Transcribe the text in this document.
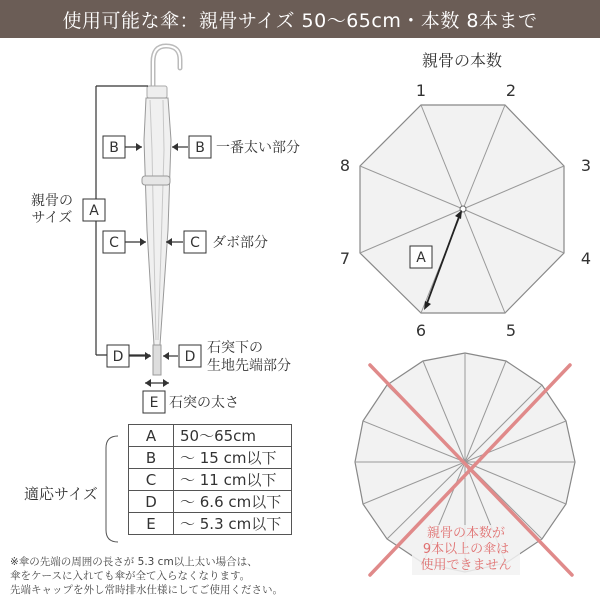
使用可能な傘：親骨サイズ 50〜65cm・本数 8本まで
A
親骨の
サイズ
B	B 一番太い部分
C	C ダボ部分
D	D
石突下の
生地先端部分
E 石突の太さ
親骨の本数
A
1	2
3
4
5
6
7
8
親骨の本数が
9本以上の傘は
使用できません
適応サイズ
A	50〜65cm
B	〜 15 cm以下
C	〜 11 cm以下
D	〜 6.6 cm以下
E	〜 5.3 cm以下
※傘の先端の周囲の長さが 5.3 cm以上太い場合は、
傘をケースに入れても傘が全て入らなくなります。
先端キャップを外し常時排水仕様にしてご使用ください。
